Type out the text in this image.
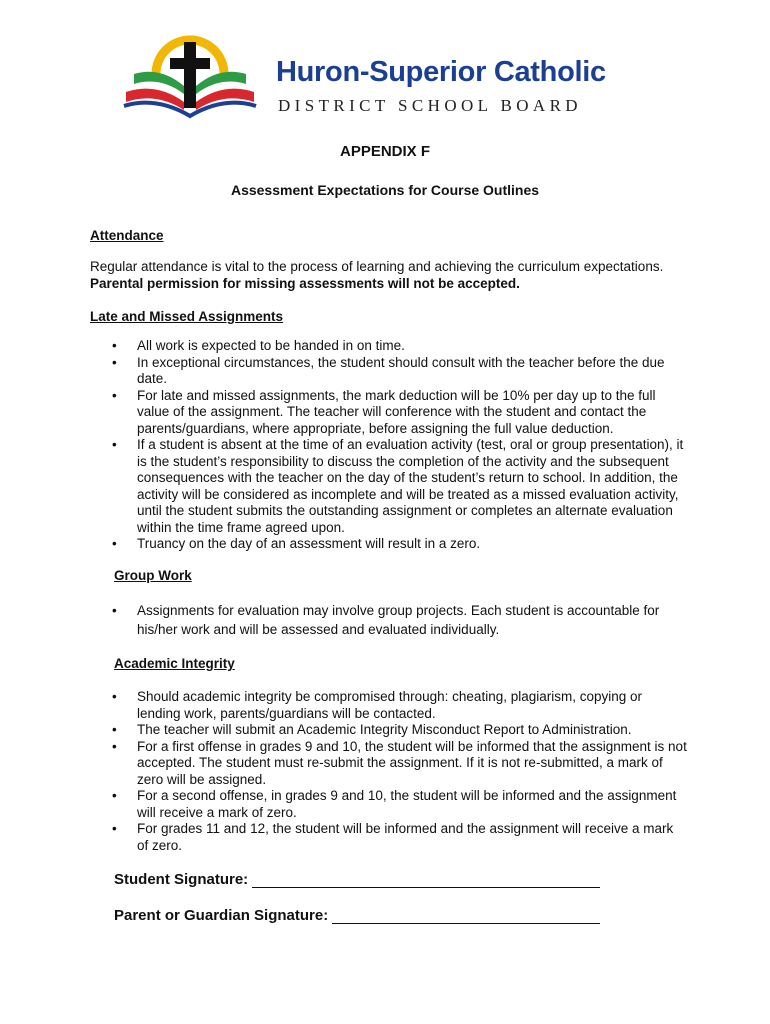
Huron-Superior Catholic
DISTRICT SCHOOL BOARD
APPENDIX F
Assessment Expectations for Course Outlines
Attendance
Regular attendance is vital to the process of learning and achieving the curriculum expectations. Parental permission for missing assessments will not be accepted.
Late and Missed Assignments
• All work is expected to be handed in on time.
• In exceptional circumstances, the student should consult with the teacher before the due date.
• For late and missed assignments, the mark deduction will be 10% per day up to the full value of the assignment. The teacher will conference with the student and contact the parents/guardians, where appropriate, before assigning the full value deduction.
• If a student is absent at the time of an evaluation activity (test, oral or group presentation), it is the student’s responsibility to discuss the completion of the activity and the subsequent consequences with the teacher on the day of the student’s return to school. In addition, the activity will be considered as incomplete and will be treated as a missed evaluation activity, until the student submits the outstanding assignment or completes an alternate evaluation within the time frame agreed upon.
• Truancy on the day of an assessment will result in a zero.
Group Work
• Assignments for evaluation may involve group projects. Each student is accountable for his/her work and will be assessed and evaluated individually.
Academic Integrity
• Should academic integrity be compromised through: cheating, plagiarism, copying or lending work, parents/guardians will be contacted.
• The teacher will submit an Academic Integrity Misconduct Report to Administration.
• For a first offense in grades 9 and 10, the student will be informed that the assignment is not accepted. The student must re-submit the assignment. If it is not re-submitted, a mark of zero will be assigned.
• For a second offense, in grades 9 and 10, the student will be informed and the assignment will receive a mark of zero.
• For grades 11 and 12, the student will be informed and the assignment will receive a mark of zero.
Student Signature:
Parent or Guardian Signature:
